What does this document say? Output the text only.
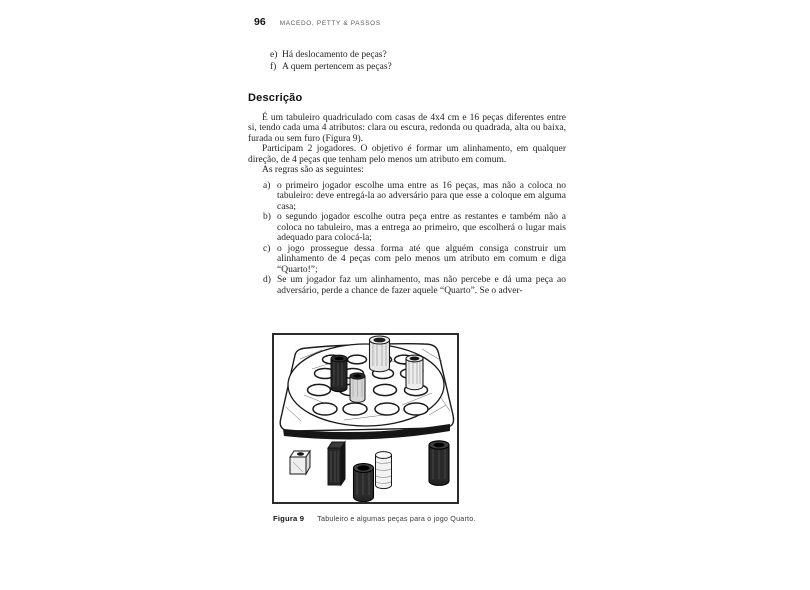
96 MACEDO, PETTY & PASSOS
e) Há deslocamento de peças?
f) A quem pertencem as peças?
Descrição

É um tabuleiro quadriculado com casas de 4x4 cm e 16 peças diferentes entre si, tendo cada uma 4 atributos: clara ou escura, redonda ou quadrada, alta ou baixa, furada ou sem furo (Figura 9).

Participam 2 jogadores. O objetivo é formar um alinhamento, em qualquer direção, de 4 peças que tenham pelo menos um atributo em comum.

As regras são as seguintes:

a) o primeiro jogador escolhe uma entre as 16 peças, mas não a coloca no tabuleiro: deve entregá-la ao adversário para que esse a coloque em alguma casa;
b) o segundo jogador escolhe outra peça entre as restantes e também não a coloca no tabuleiro, mas a entrega ao primeiro, que escolherá o lugar mais adequado para colocá-la;
c) o jogo prossegue dessa forma até que alguém consiga construir um alinhamento de 4 peças com pelo menos um atributo em comum e diga “Quarto!”;
d) Se um jogador faz um alinhamento, mas não percebe e dá uma peça ao adversário, perde a chance de fazer aquele “Quarto”. Se o adver-
Figura 9 Tabuleiro e algumas peças para o jogo Quarto.
